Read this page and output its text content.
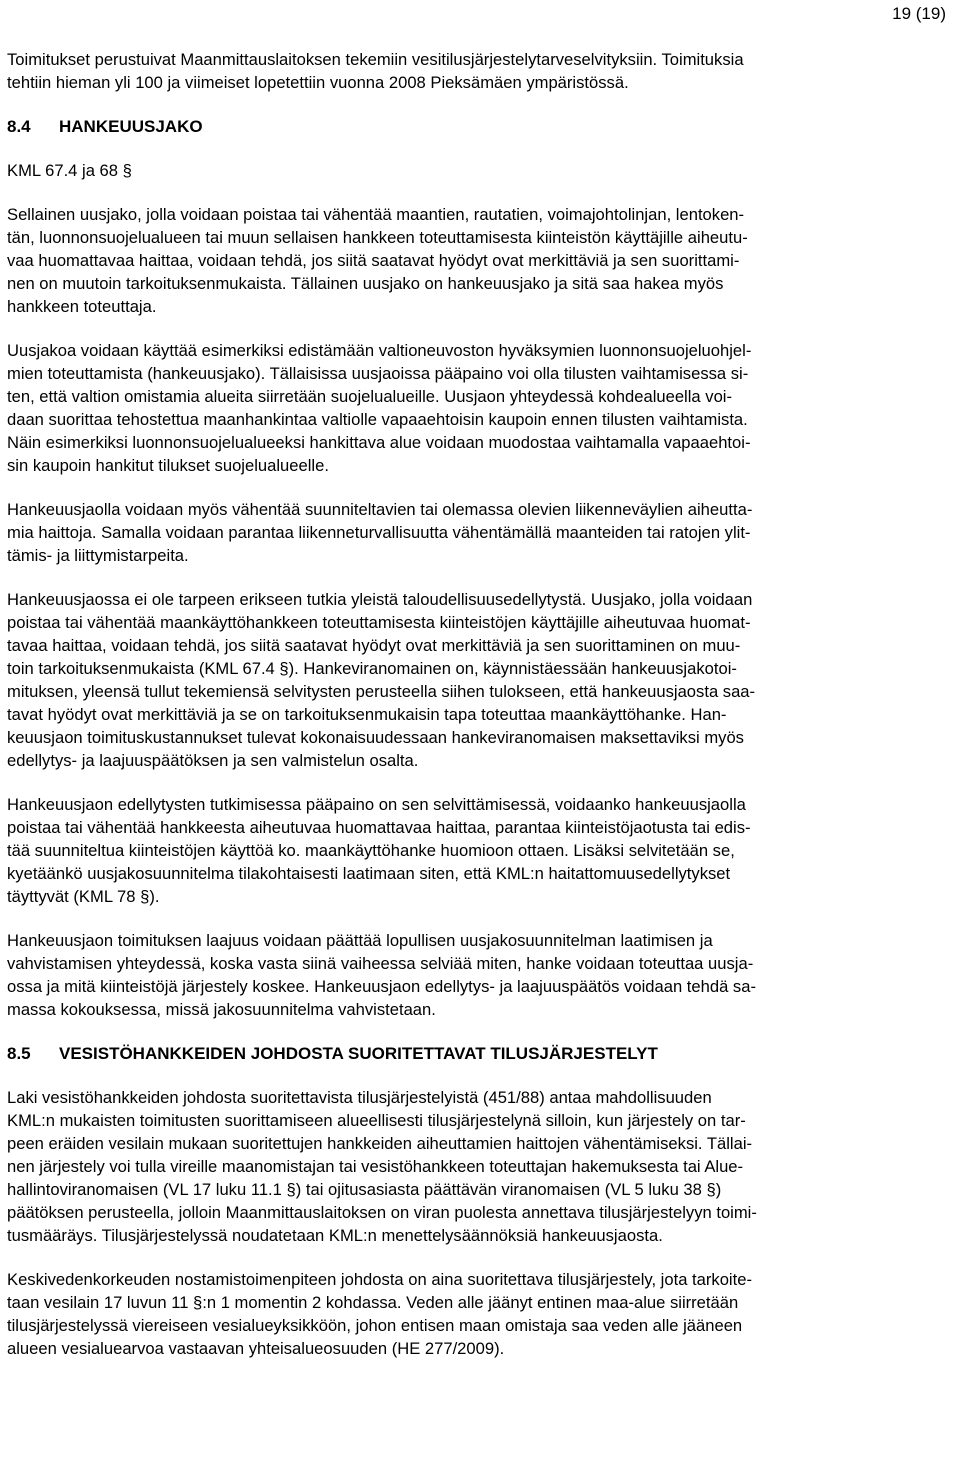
19 (19)
Toimitukset perustuivat Maanmittauslaitoksen tekemiin vesitilusjärjestelytarveselvityksiin. Toimituksia
tehtiin hieman yli 100 ja viimeiset lopetettiin vuonna 2008 Pieksämäen ympäristössä.
8.4 HANKEUUSJAKO
KML 67.4 ja 68 §
Sellainen uusjako, jolla voidaan poistaa tai vähentää maantien, rautatien, voimajohtolinjan, lentoken-
tän, luonnonsuojelualueen tai muun sellaisen hankkeen toteuttamisesta kiinteistön käyttäjille aiheutu-
vaa huomattavaa haittaa, voidaan tehdä, jos siitä saatavat hyödyt ovat merkittäviä ja sen suorittami-
nen on muutoin tarkoituksenmukaista. Tällainen uusjako on hankeuusjako ja sitä saa hakea myös
hankkeen toteuttaja.
Uusjakoa voidaan käyttää esimerkiksi edistämään valtioneuvoston hyväksymien luonnonsuojeluohjel-
mien toteuttamista (hankeuusjako). Tällaisissa uusjaoissa pääpaino voi olla tilusten vaihtamisessa si-
ten, että valtion omistamia alueita siirretään suojelualueille. Uusjaon yhteydessä kohdealueella voi-
daan suorittaa tehostettua maanhankintaa valtiolle vapaaehtoisin kaupoin ennen tilusten vaihtamista.
Näin esimerkiksi luonnonsuojelualueeksi hankittava alue voidaan muodostaa vaihtamalla vapaaehtoi-
sin kaupoin hankitut tilukset suojelualueelle.
Hankeuusjaolla voidaan myös vähentää suunniteltavien tai olemassa olevien liikenneväylien aiheutta-
mia haittoja. Samalla voidaan parantaa liikenneturvallisuutta vähentämällä maanteiden tai ratojen ylit-
tämis- ja liittymistarpeita.
Hankeuusjaossa ei ole tarpeen erikseen tutkia yleistä taloudellisuusedellytystä. Uusjako, jolla voidaan
poistaa tai vähentää maankäyttöhankkeen toteuttamisesta kiinteistöjen käyttäjille aiheutuvaa huomat-
tavaa haittaa, voidaan tehdä, jos siitä saatavat hyödyt ovat merkittäviä ja sen suorittaminen on muu-
toin tarkoituksenmukaista (KML 67.4 §). Hankeviranomainen on, käynnistäessään hankeuusjakotoi-
mituksen, yleensä tullut tekemiensä selvitysten perusteella siihen tulokseen, että hankeuusjaosta saa-
tavat hyödyt ovat merkittäviä ja se on tarkoituksenmukaisin tapa toteuttaa maankäyttöhanke. Han-
keuusjaon toimituskustannukset tulevat kokonaisuudessaan hankeviranomaisen maksettaviksi myös
edellytys- ja laajuuspäätöksen ja sen valmistelun osalta.
Hankeuusjaon edellytysten tutkimisessa pääpaino on sen selvittämisessä, voidaanko hankeuusjaolla
poistaa tai vähentää hankkeesta aiheutuvaa huomattavaa haittaa, parantaa kiinteistöjaotusta tai edis-
tää suunniteltua kiinteistöjen käyttöä ko. maankäyttöhanke huomioon ottaen. Lisäksi selvitetään se,
kyetäänkö uusjakosuunnitelma tilakohtaisesti laatimaan siten, että KML:n haitattomuusedellytykset
täyttyvät (KML 78 §).
Hankeuusjaon toimituksen laajuus voidaan päättää lopullisen uusjakosuunnitelman laatimisen ja
vahvistamisen yhteydessä, koska vasta siinä vaiheessa selviää miten, hanke voidaan toteuttaa uusja-
ossa ja mitä kiinteistöjä järjestely koskee. Hankeuusjaon edellytys- ja laajuuspäätös voidaan tehdä sa-
massa kokouksessa, missä jakosuunnitelma vahvistetaan.
8.5 VESISTÖHANKKEIDEN JOHDOSTA SUORITETTAVAT TILUSJÄRJESTELYT
Laki vesistöhankkeiden johdosta suoritettavista tilusjärjestelyistä (451/88) antaa mahdollisuuden
KML:n mukaisten toimitusten suorittamiseen alueellisesti tilusjärjestelynä silloin, kun järjestely on tar-
peen eräiden vesilain mukaan suoritettujen hankkeiden aiheuttamien haittojen vähentämiseksi. Tällai-
nen järjestely voi tulla vireille maanomistajan tai vesistöhankkeen toteuttajan hakemuksesta tai Alue-
hallintoviranomaisen (VL 17 luku 11.1 §) tai ojitusasiasta päättävän viranomaisen (VL 5 luku 38 §)
päätöksen perusteella, jolloin Maanmittauslaitoksen on viran puolesta annettava tilusjärjestelyyn toimi-
tusmääräys. Tilusjärjestelyssä noudatetaan KML:n menettelysäännöksiä hankeuusjaosta.
Keskivedenkorkeuden nostamistoimenpiteen johdosta on aina suoritettava tilusjärjestely, jota tarkoite-
taan vesilain 17 luvun 11 §:n 1 momentin 2 kohdassa. Veden alle jäänyt entinen maa-alue siirretään
tilusjärjestelyssä viereiseen vesialueyksikköön, johon entisen maan omistaja saa veden alle jääneen
alueen vesialuearvoa vastaavan yhteisalueosuuden (HE 277/2009).
